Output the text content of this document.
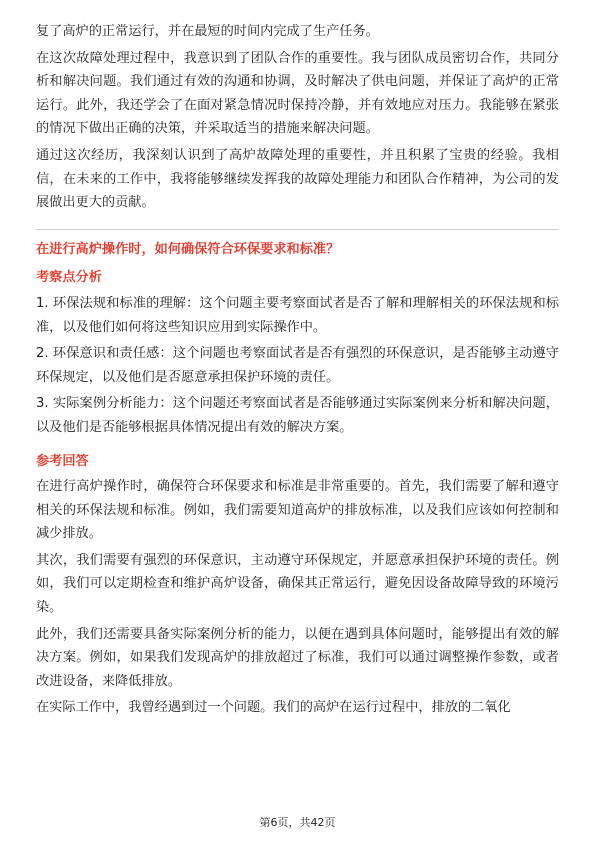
复了高炉的正常运行，并在最短的时间内完成了生产任务。

在这次故障处理过程中，我意识到了团队合作的重要性。我与团队成员密切合作，共同分析和解决问题。我们通过有效的沟通和协调，及时解决了供电问题，并保证了高炉的正常运行。此外，我还学会了在面对紧急情况时保持冷静，并有效地应对压力。我能够在紧张的情况下做出正确的决策，并采取适当的措施来解决问题。

通过这次经历，我深刻认识到了高炉故障处理的重要性，并且积累了宝贵的经验。我相信，在未来的工作中，我将能够继续发挥我的故障处理能力和团队合作精神，为公司的发展做出更大的贡献。

在进行高炉操作时，如何确保符合环保要求和标准？

考察点分析

1. 环保法规和标准的理解：这个问题主要考察面试者是否了解和理解相关的环保法规和标准，以及他们如何将这些知识应用到实际操作中。

2. 环保意识和责任感：这个问题也考察面试者是否有强烈的环保意识，是否能够主动遵守环保规定，以及他们是否愿意承担保护环境的责任。

3. 实际案例分析能力：这个问题还考察面试者是否能够通过实际案例来分析和解决问题，以及他们是否能够根据具体情况提出有效的解决方案。

参考回答

在进行高炉操作时，确保符合环保要求和标准是非常重要的。首先，我们需要了解和遵守相关的环保法规和标准。例如，我们需要知道高炉的排放标准，以及我们应该如何控制和减少排放。

其次，我们需要有强烈的环保意识，主动遵守环保规定，并愿意承担保护环境的责任。例如，我们可以定期检查和维护高炉设备，确保其正常运行，避免因设备故障导致的环境污染。

此外，我们还需要具备实际案例分析的能力，以便在遇到具体问题时，能够提出有效的解决方案。例如，如果我们发现高炉的排放超过了标准，我们可以通过调整操作参数，或者改进设备，来降低排放。

在实际工作中，我曾经遇到过一个问题。我们的高炉在运行过程中，排放的二氧化

第6页，共42页
